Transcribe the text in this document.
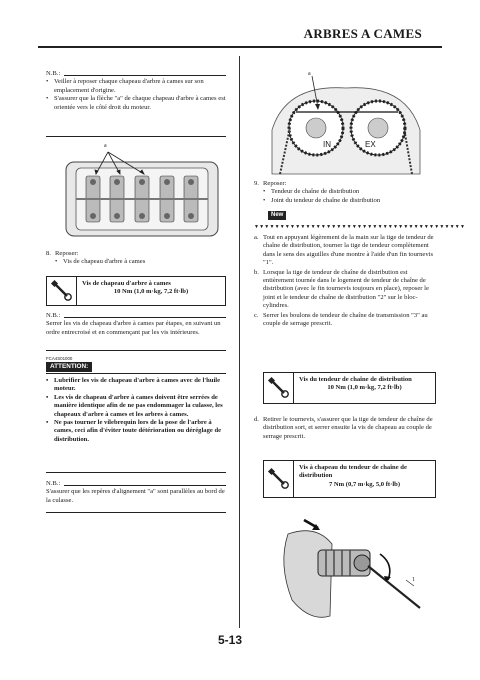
ARBRES A CAMES
N.B.:
• Veiller à reposer chaque chapeau d'arbre à cames sur son emplacement d'origine.
• S'assurer que la flèche "a" de chaque chapeau d'arbre à cames est orientée vers le côté droit du moteur.
a
8. Reposer:
• Vis de chapeau d'arbre à cames
Vis de chapeau d'arbre à cames
10 Nm (1,0 m·kg, 7,2 ft·lb)
N.B.:
Serrer les vis de chapeau d'arbre à cames par étapes, en suivant un ordre entrecroisé et en commençant par les vis intérieures.
FCA4S01000
ATTENTION:
• Lubrifier les vis de chapeau d'arbre à cames avec de l'huile moteur.
• Les vis de chapeau d'arbre à cames doivent être serrées de manière identique afin de ne pas endommager la culasse, les chapeaux d'arbre à cames et les arbres à cames.
• Ne pas tourner le vilebrequin lors de la pose de l'arbre à cames, ceci afin d'éviter toute détérioration ou déréglage de distribution.
N.B.:
S'assurer que les repères d'alignement "a" sont parallèles au bord de la culasse.
a
IN	EX
9. Reposer:
• Tendeur de chaîne de distribution
• Joint du tendeur de chaîne de distribution
New
▼▼▼▼▼▼▼▼▼▼▼▼▼▼▼▼▼▼▼▼▼▼▼▼▼▼▼▼▼▼▼▼▼▼▼▼▼▼▼▼▼
a. Tout en appuyant légèrement de la main sur la tige de tendeur de chaîne de distribution, tourner la tige de tendeur complètement dans le sens des aiguilles d'une montre à l'aide d'un fin tournevis "1".
b. Lorsque la tige de tendeur de chaîne de distribution est entièrement tournée dans le logement de tendeur de chaîne de distribution (avec le fin tournevis toujours en place), reposer le joint et le tendeur de chaîne de distribution "2" sur le bloc-cylindres.
c. Serrer les boulons de tendeur de chaîne de transmission "3" au couple de serrage prescrit.
Vis du tendeur de chaîne de distribution
10 Nm (1,0 m·kg, 7,2 ft·lb)
d. Retirer le tournevis, s'assurer que la tige de tendeur de chaîne de distribution sort, et serrer ensuite la vis de chapeau au couple de serrage prescrit.
Vis à chapeau du tendeur de chaîne de distribution
7 Nm (0,7 m·kg, 5,0 ft·lb)
1
5-13
